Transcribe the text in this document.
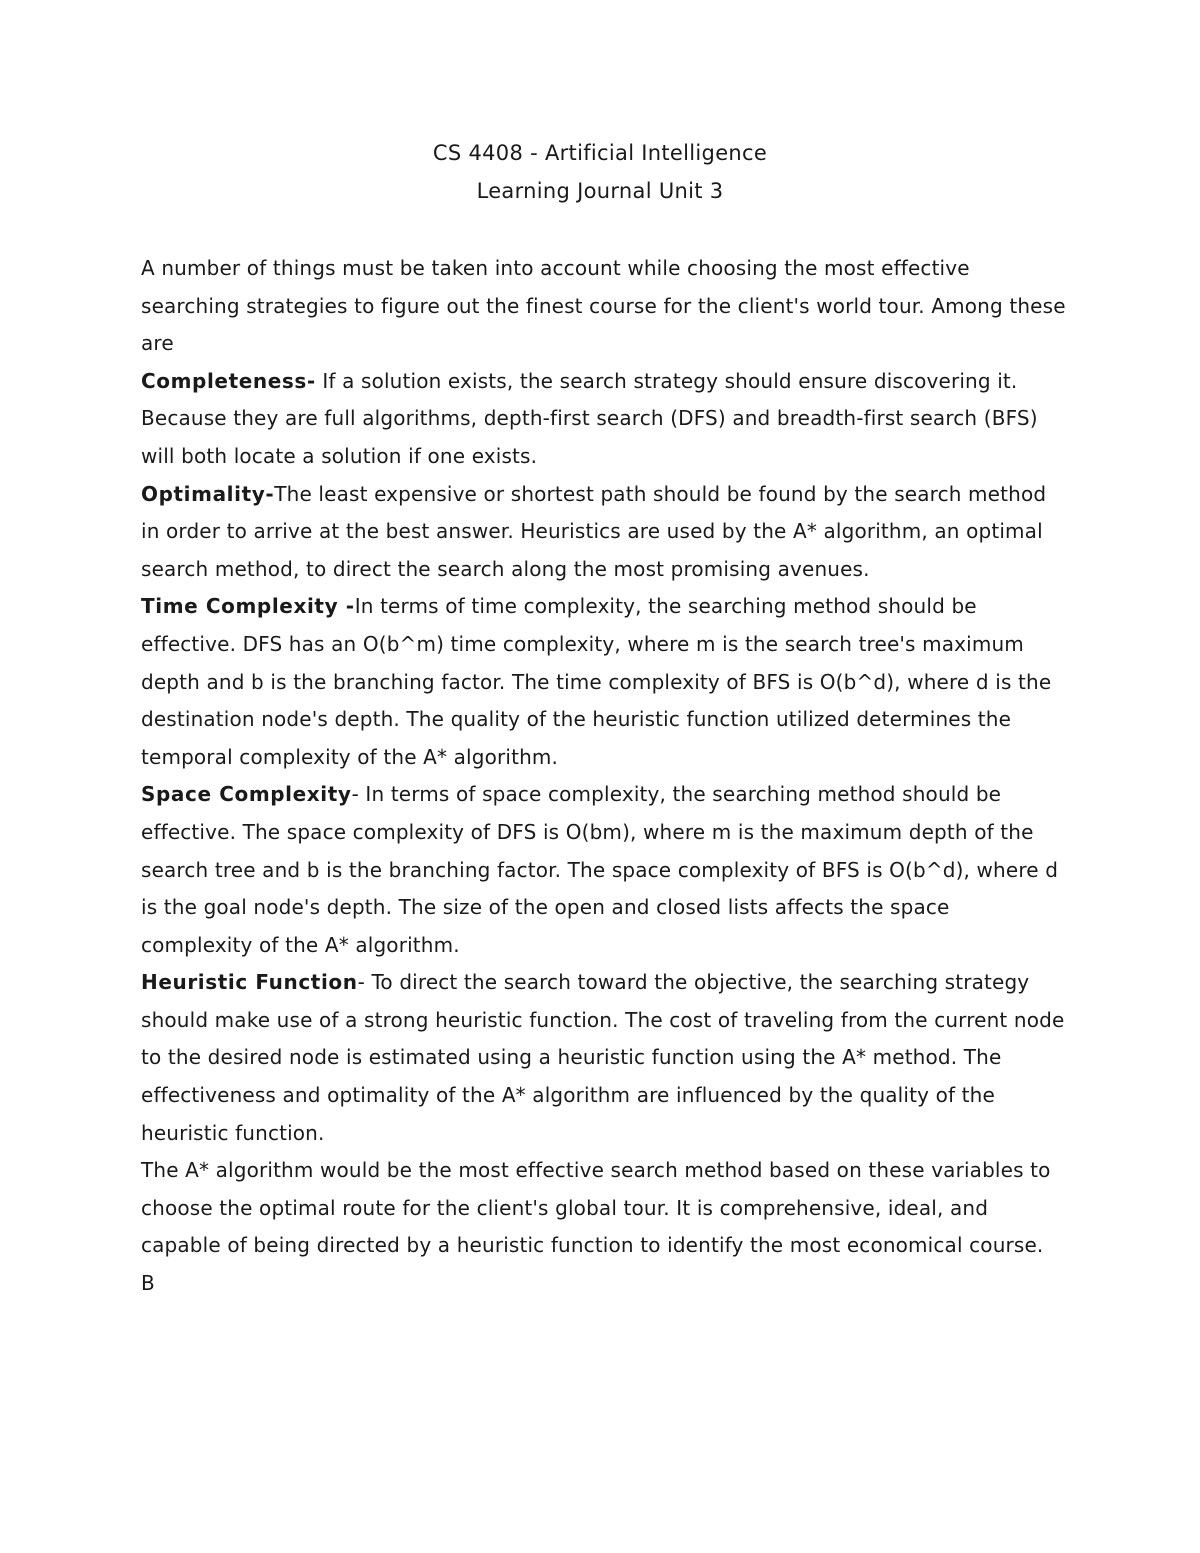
CS 4408 - Artificial Intelligence
Learning Journal Unit 3

A number of things must be taken into account while choosing the most effective searching strategies to figure out the finest course for the client's world tour. Among these are

Completeness- If a solution exists, the search strategy should ensure discovering it. Because they are full algorithms, depth-first search (DFS) and breadth-first search (BFS) will both locate a solution if one exists.

Optimality-The least expensive or shortest path should be found by the search method in order to arrive at the best answer. Heuristics are used by the A* algorithm, an optimal search method, to direct the search along the most promising avenues.

Time Complexity -In terms of time complexity, the searching method should be effective. DFS has an O(b^m) time complexity, where m is the search tree's maximum depth and b is the branching factor. The time complexity of BFS is O(b^d), where d is the destination node's depth. The quality of the heuristic function utilized determines the temporal complexity of the A* algorithm.

Space Complexity- In terms of space complexity, the searching method should be effective. The space complexity of DFS is O(bm), where m is the maximum depth of the search tree and b is the branching factor. The space complexity of BFS is O(b^d), where d is the goal node's depth. The size of the open and closed lists affects the space complexity of the A* algorithm.

Heuristic Function- To direct the search toward the objective, the searching strategy should make use of a strong heuristic function. The cost of traveling from the current node to the desired node is estimated using a heuristic function using the A* method. The effectiveness and optimality of the A* algorithm are influenced by the quality of the heuristic function.

The A* algorithm would be the most effective search method based on these variables to choose the optimal route for the client's global tour. It is comprehensive, ideal, and capable of being directed by a heuristic function to identify the most economical course.

B
